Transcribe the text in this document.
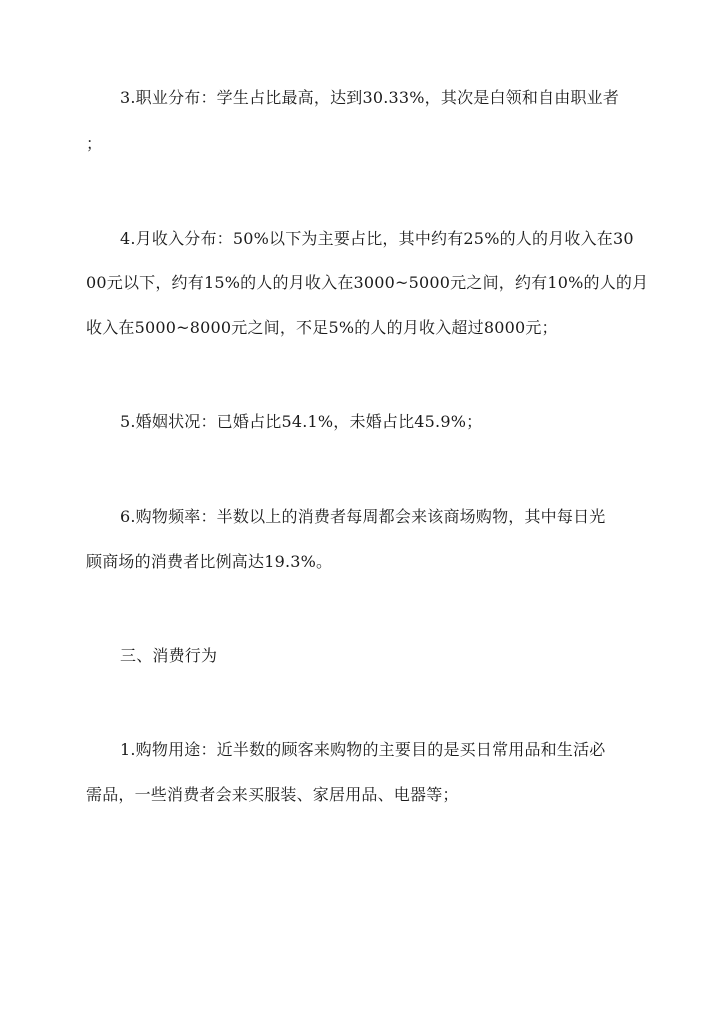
3.职业分布：学生占比最高，达到30.33%，其次是白领和自由职业者
；
4.月收入分布：50%以下为主要占比，其中约有25%的人的月收入在30
00元以下，约有15%的人的月收入在3000~5000元之间，约有10%的人的月
收入在5000~8000元之间，不足5%的人的月收入超过8000元；
5.婚姻状况：已婚占比54.1%，未婚占比45.9%；
6.购物频率：半数以上的消费者每周都会来该商场购物，其中每日光
顾商场的消费者比例高达19.3%。
三、消费行为
1.购物用途：近半数的顾客来购物的主要目的是买日常用品和生活必
需品，一些消费者会来买服装、家居用品、电器等；
